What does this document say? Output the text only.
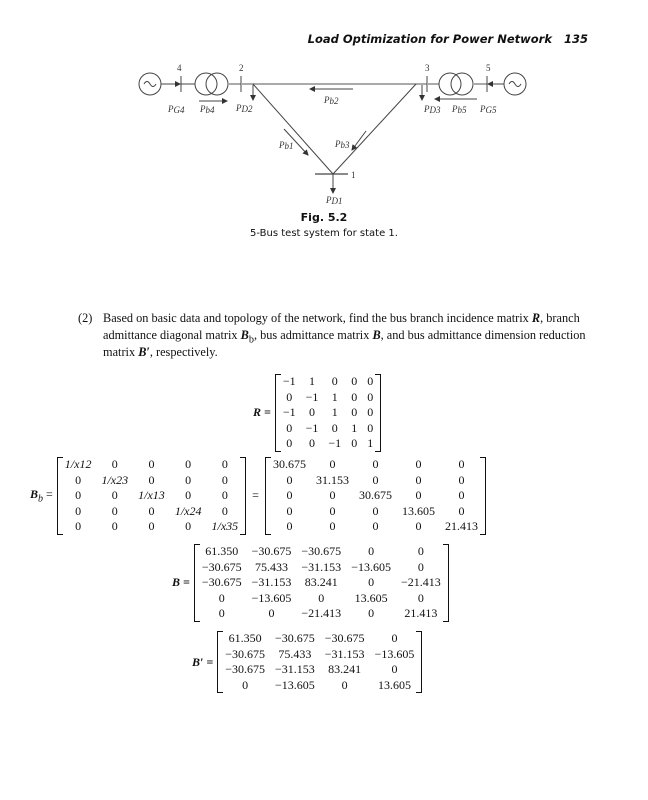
Load Optimization for Power Network 135
4	2	3	5
1
PG4 Pb4 PD2
Pb2
PD3 Pb5 PG5
Pb1	Pb3
PD1
Fig. 5.2
5-Bus test system for state 1.
(2) Based on basic data and topology of the network, find the bus branch incidence matrix R, branch admittance diagonal matrix $B_b$, bus admittance matrix B, and bus admittance dimension reduction matrix B′, respectively.
R =
−1	1	0	0	0
0	−1	1	0	0
−1	0	1	0	0
0	−1	0	1	0
0	0	−1	0	1
$B_b$ =
1/x12	0	0	0	0
0	1/x23	0	0	0
0	0	1/x13	0	0
0	0	0	1/x24	0
0	0	0	0	1/x35
=
30.675	0	0	0	0
0	31.153	0	0	0
0	0	30.675	0	0
0	0	0	13.605	0
0	0	0	0	21.413
B =
61.350	−30.675	−30.675	0	0
−30.675	75.433	−31.153	−13.605	0
−30.675	−31.153	83.241	0	−21.413
0	−13.605	0	13.605	0
0	0	−21.413	0	21.413
B′ =
61.350	−30.675	−30.675	0
−30.675	75.433	−31.153	−13.605
−30.675	−31.153	83.241	0
0	−13.605	0	13.605
